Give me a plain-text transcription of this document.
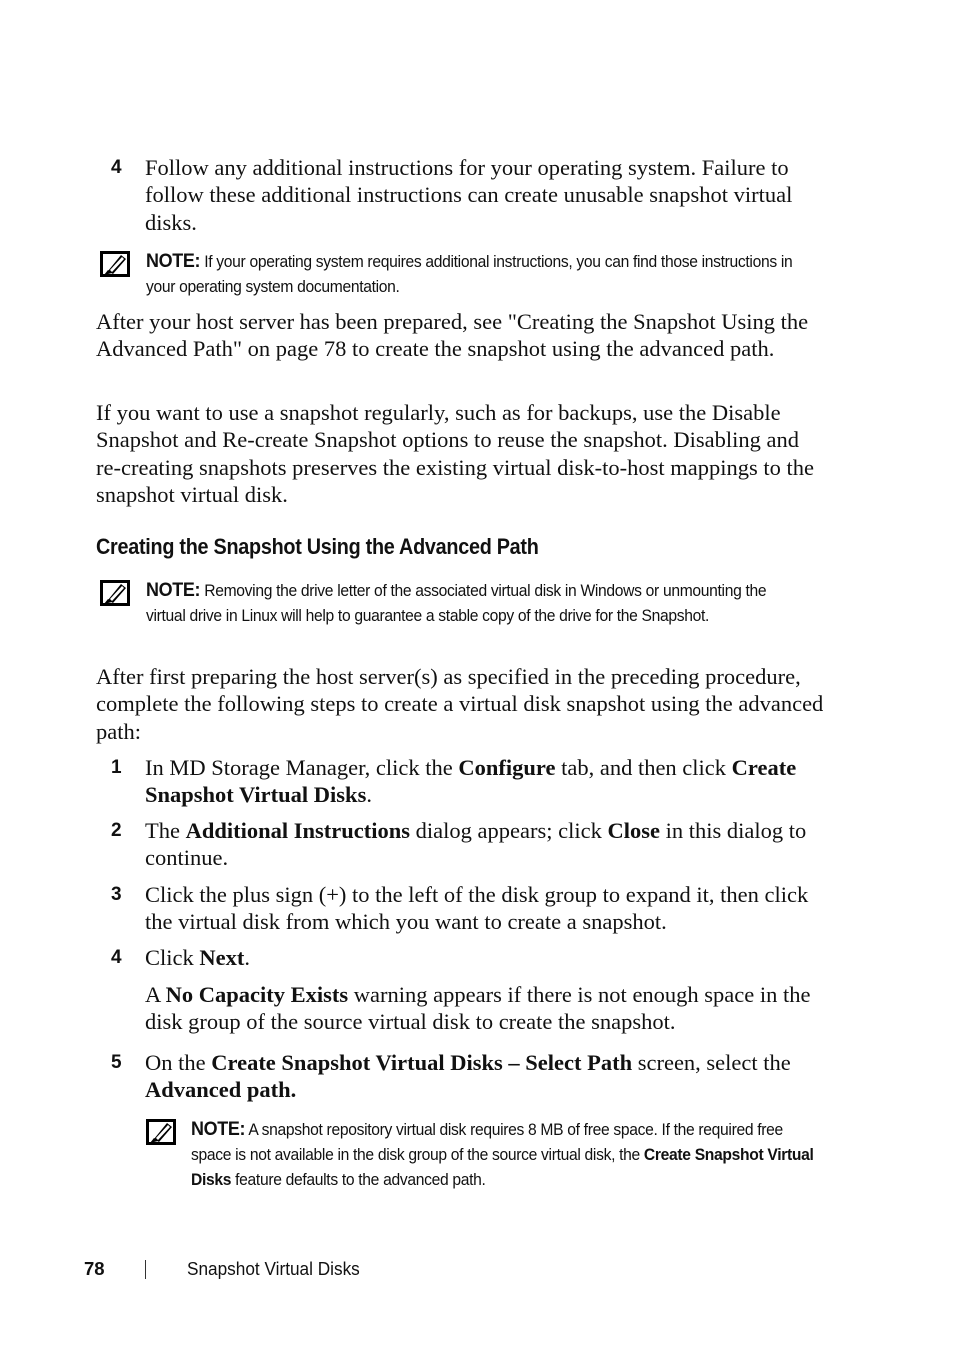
4 Follow any additional instructions for your operating system. Failure to follow these additional instructions can create unusable snapshot virtual disks.
NOTE: If your operating system requires additional instructions, you can find those instructions in your operating system documentation.
After your host server has been prepared, see "Creating the Snapshot Using the Advanced Path" on page 78 to create the snapshot using the advanced path.
If you want to use a snapshot regularly, such as for backups, use the Disable Snapshot and Re-create Snapshot options to reuse the snapshot. Disabling and re-creating snapshots preserves the existing virtual disk-to-host mappings to the snapshot virtual disk.
Creating the Snapshot Using the Advanced Path
NOTE: Removing the drive letter of the associated virtual disk in Windows or unmounting the virtual drive in Linux will help to guarantee a stable copy of the drive for the Snapshot.
After first preparing the host server(s) as specified in the preceding procedure, complete the following steps to create a virtual disk snapshot using the advanced path:
1 In MD Storage Manager, click the Configure tab, and then click Create Snapshot Virtual Disks.
2 The Additional Instructions dialog appears; click Close in this dialog to continue.
3 Click the plus sign (+) to the left of the disk group to expand it, then click the virtual disk from which you want to create a snapshot.
4 Click Next.
A No Capacity Exists warning appears if there is not enough space in the disk group of the source virtual disk to create the snapshot.
5 On the Create Snapshot Virtual Disks – Select Path screen, select the Advanced path.
NOTE: A snapshot repository virtual disk requires 8 MB of free space. If the required free space is not available in the disk group of the source virtual disk, the Create Snapshot Virtual Disks feature defaults to the advanced path.
78	Snapshot Virtual Disks
